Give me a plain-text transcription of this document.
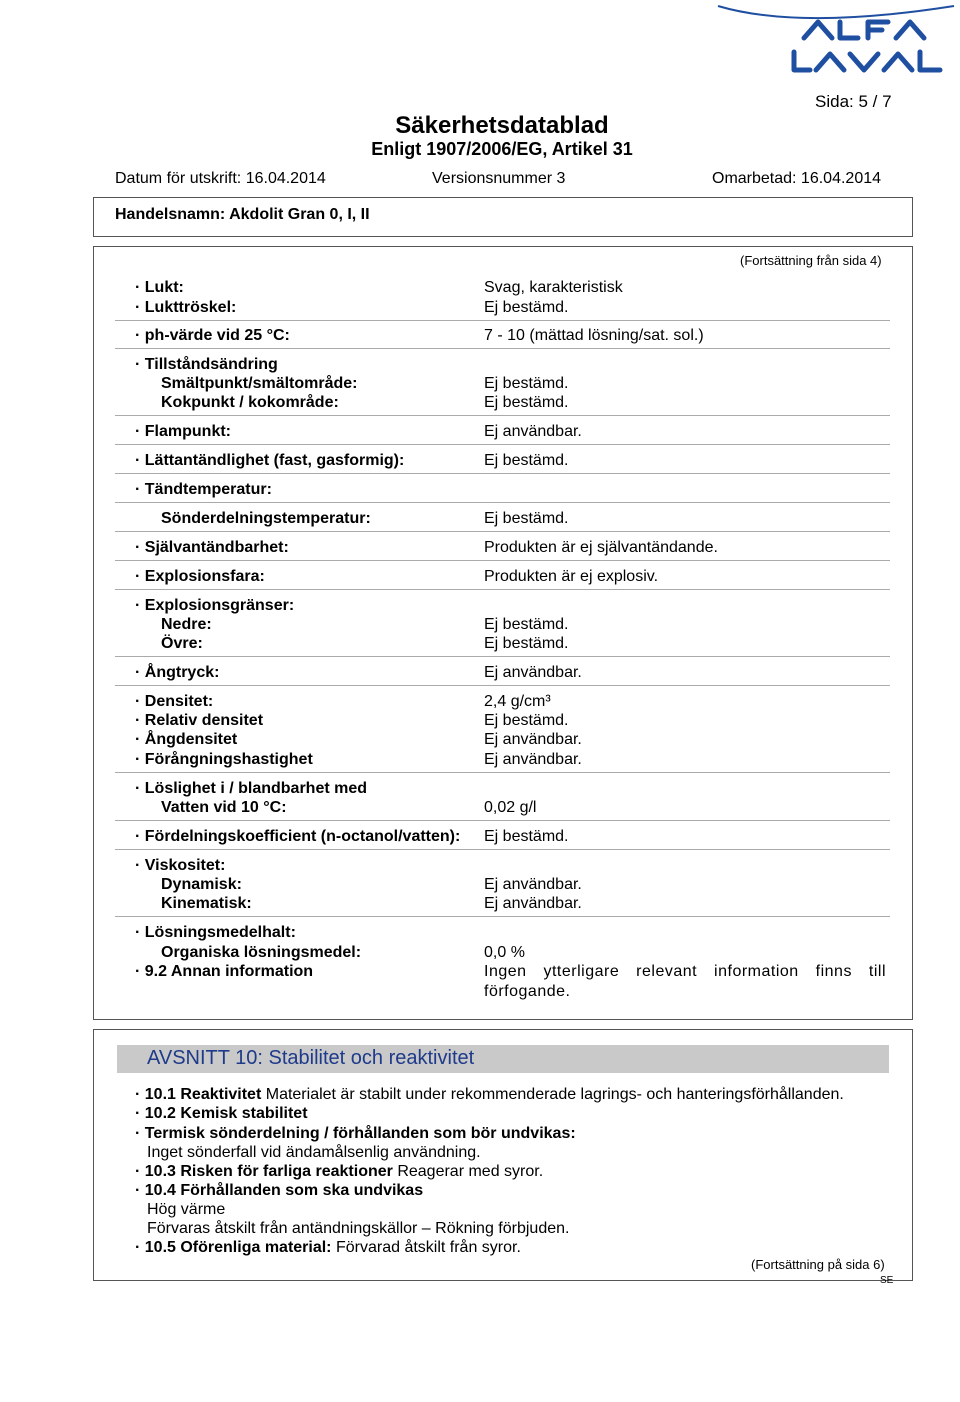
Sida: 5 / 7
Säkerhetsdatablad
Enligt 1907/2006/EG, Artikel 31
Datum för utskrift: 16.04.2014	Versionsnummer 3	Omarbetad: 16.04.2014
Handelsnamn: Akdolit Gran 0, I, II
(Fortsättning från sida 4)
· Lukt:	Svag, karakteristisk
· Lukttröskel:	Ej bestämd.
· ph-värde vid 25 °C:	7 - 10 (mättad lösning/sat. sol.)
· Tillståndsändring
Smältpunkt/smältområde:	Ej bestämd.
Kokpunkt / kokområde:	Ej bestämd.
· Flampunkt:	Ej användbar.
· Lättantändlighet (fast, gasformig):	Ej bestämd.
· Tändtemperatur:
Sönderdelningstemperatur:	Ej bestämd.
· Självantändbarhet:	Produkten är ej självantändande.
· Explosionsfara:	Produkten är ej explosiv.
· Explosionsgränser:
Nedre:	Ej bestämd.
Övre:	Ej bestämd.
· Ångtryck:	Ej användbar.
· Densitet:	2,4 g/cm³
· Relativ densitet	Ej bestämd.
· Ångdensitet	Ej användbar.
· Förångningshastighet	Ej användbar.
· Löslighet i / blandbarhet med
Vatten vid 10 °C:	0,02 g/l
· Fördelningskoefficient (n-octanol/vatten): Ej bestämd.
· Viskositet:
Dynamisk:	Ej användbar.
Kinematisk:	Ej användbar.
· Lösningsmedelhalt:
Organiska lösningsmedel:	0,0 %
· 9.2 Annan information	Ingen ytterligare relevant information finns till förfogande.
AVSNITT 10: Stabilitet och reaktivitet
· 10.1 Reaktivitet Materialet är stabilt under rekommenderade lagrings- och hanteringsförhållanden.
· 10.2 Kemisk stabilitet
· Termisk sönderdelning / förhållanden som bör undvikas:
Inget sönderfall vid ändamålsenlig användning.
· 10.3 Risken för farliga reaktioner Reagerar med syror.
· 10.4 Förhållanden som ska undvikas
Hög värme
Förvaras åtskilt från antändningskällor – Rökning förbjuden.
· 10.5 Oförenliga material: Förvarad åtskilt från syror.
(Fortsättning på sida 6)
SE
